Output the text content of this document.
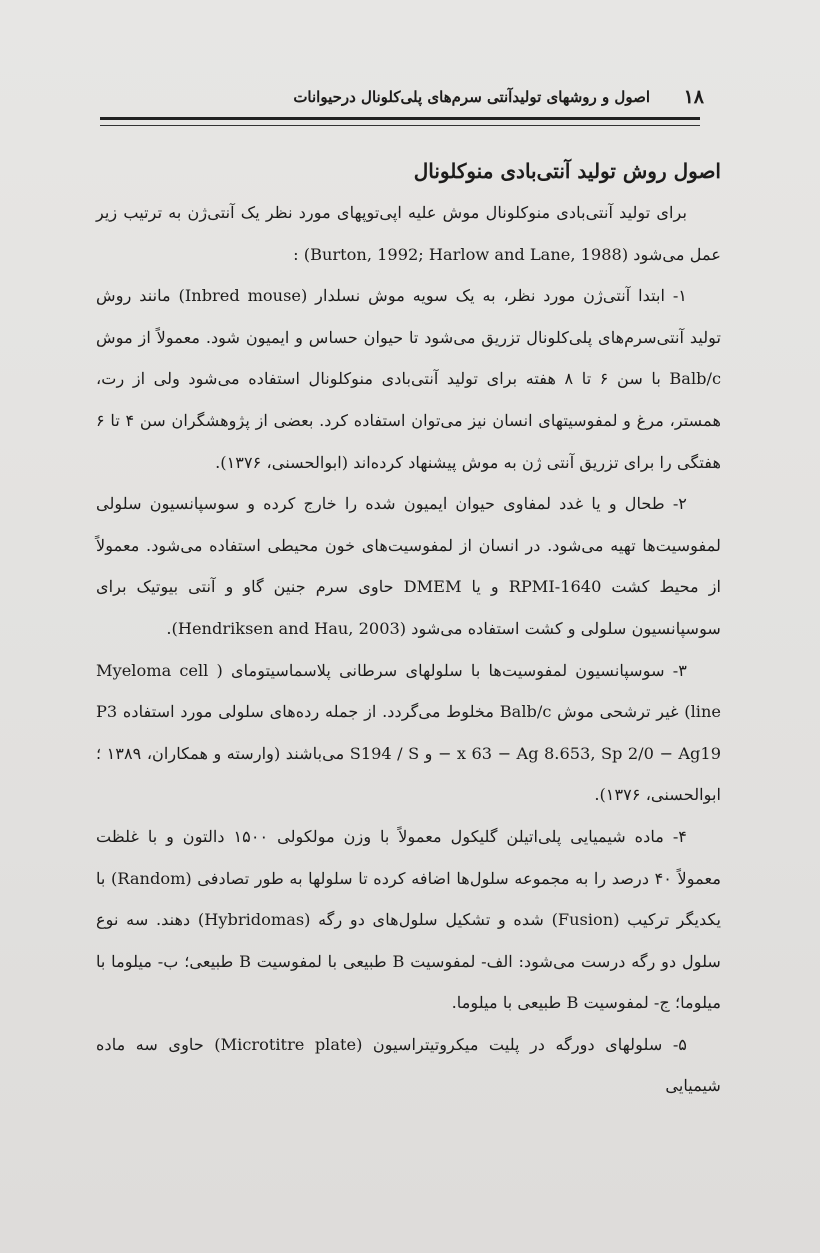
۱۸
اصول و روشهای تولیدآنتی سرم‌های پلی‌کلونال درحیوانات
اصول روش تولید آنتی‌بادی منوکلونال

برای تولید آنتی‌بادی منوکلونال موش علیه اپی‌توپهای مورد نظر یک آنتی‌ژن به ترتیب زیر عمل می‌شود (Burton, 1992; Harlow and Lane, 1988) :

۱- ابتدا آنتی‌ژن مورد نظر، به یک سویه موش نسلدار (Inbred mouse) مانند روش تولید آنتی‌سرم‌های پلی‌کلونال تزریق می‌شود تا حیوان حساس و ایمیون شود. معمولاً از موش Balb/c با سن ۶ تا ۸ هفته برای تولید آنتی‌بادی منوکلونال استفاده می‌شود ولی از رت، همستر، مرغ و لمفوسیتهای انسان نیز می‌توان استفاده کرد. بعضی از پژوهشگران سن ۴ تا ۶ هفتگی را برای تزریق آنتی ژن به موش پیشنهاد کرده‌اند (ابوالحسنی، ۱۳۷۶).

۲- طحال و یا غدد لمفاوی حیوان ایمیون شده را خارج کرده و سوسپانسیون سلولی لمفوسیت‌ها تهیه می‌شود. در انسان از لمفوسیت‌های خون محیطی استفاده می‌شود. معمولاً از محیط کشت RPMI-1640 و یا DMEM حاوی سرم جنین گاو و آنتی بیوتیک برای سوسپانسیون سلولی و کشت استفاده می‌شود (Hendriksen and Hau, 2003).

۳- سوسپانسیون لمفوسیت‌ها با سلولهای سرطانی پلاسماسیتومای ( Myeloma cell line) غیر ترشحی موش Balb/c مخلوط می‌گردد. از جمله رده‌های سلولی مورد استفاده P3 − x 63 − Ag 8.653, Sp 2/0 − Ag19 و S194 / S می‌باشند (وارسته و همکاران، ۱۳۸۹ ؛ ابوالحسنی، ۱۳۷۶).

۴- ماده شیمیایی پلی‌اتیلن گلیکول معمولاً با وزن مولکولی ۱۵۰۰ دالتون و با غلظت معمولاً ۴۰ درصد را به مجموعه سلول‌ها اضافه کرده تا سلولها به طور تصادفی (Random) با یکدیگر ترکیب (Fusion) شده و تشکیل سلول‌های دو رگه (Hybridomas) دهند. سه نوع سلول دو رگه درست می‌شود: الف- لمفوسیت B طبیعی با لمفوسیت B طبیعی؛ ب- میلوما با میلوما؛ ج- لمفوسیت B طبیعی با میلوما.

۵- سلولهای دورگه در پلیت میکروتیتراسیون (Microtitre plate) حاوی سه ماده شیمیایی
